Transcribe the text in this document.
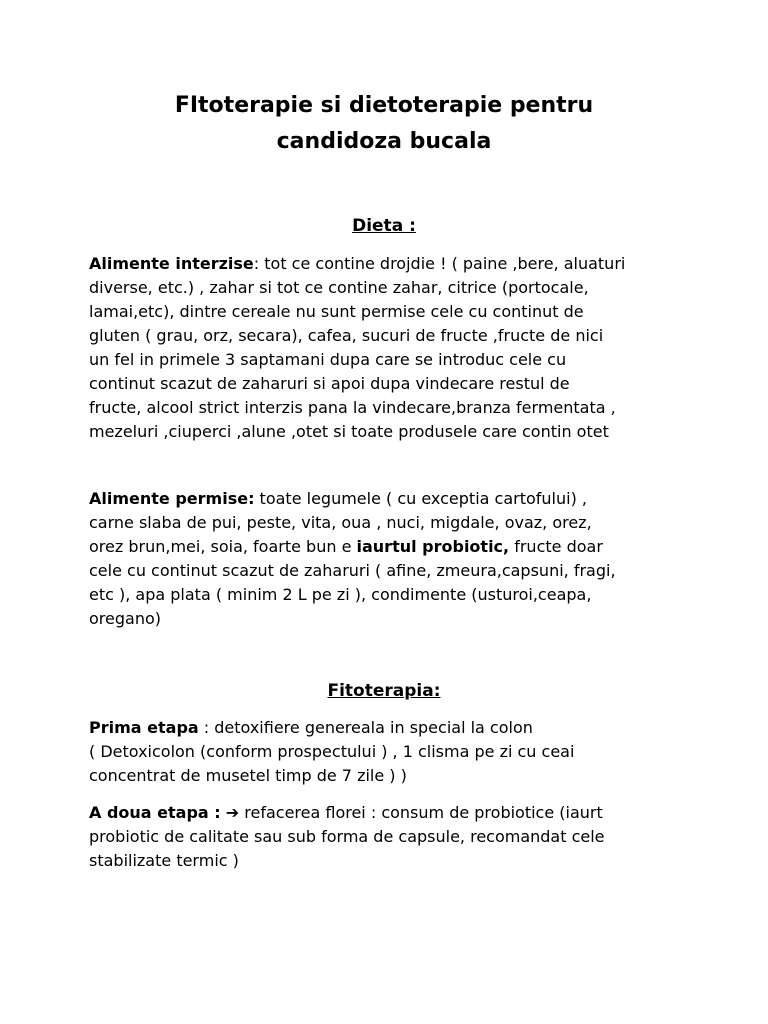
FItoterapie si dietoterapie pentru
candidoza bucala
Dieta :

Alimente interzise: tot ce contine drojdie ! ( paine ,bere, aluaturi
diverse, etc.) , zahar si tot ce contine zahar, citrice (portocale,
lamai,etc), dintre cereale nu sunt permise cele cu continut de
gluten ( grau, orz, secara), cafea, sucuri de fructe ,fructe de nici
un fel in primele 3 saptamani dupa care se introduc cele cu
continut scazut de zaharuri si apoi dupa vindecare restul de
fructe, alcool strict interzis pana la vindecare,branza fermentata ,
mezeluri ,ciuperci ,alune ,otet si toate produsele care contin otet

Alimente permise: toate legumele ( cu exceptia cartofului) ,
carne slaba de pui, peste, vita, oua , nuci, migdale, ovaz, orez,
orez brun,mei, soia, foarte bun e iaurtul probiotic, fructe doar
cele cu continut scazut de zaharuri ( afine, zmeura,capsuni, fragi,
etc ), apa plata ( minim 2 L pe zi ), condimente (usturoi,ceapa,
oregano)

Fitoterapia:

Prima etapa : detoxifiere genereala in special la colon
( Detoxicolon (conform prospectului ) , 1 clisma pe zi cu ceai
concentrat de musetel timp de 7 zile ) )

A doua etapa : ➔ refacerea florei : consum de probiotice (iaurt
probiotic de calitate sau sub forma de capsule, recomandat cele
stabilizate termic )
